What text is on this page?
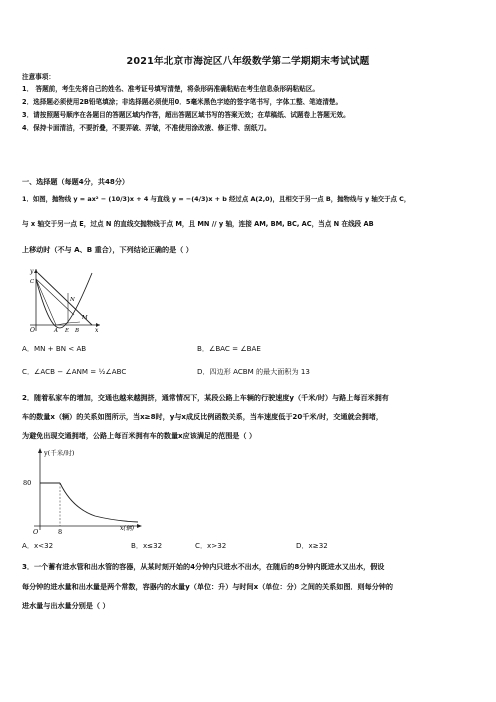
2021年北京市海淀区八年级数学第二学期期末考试试题
注意事项：
1． 答题前，考生先将自己的姓名、准考证号填写清楚，将条形码准确粘贴在考生信息条形码粘贴区。
2．选择题必须使用2B铅笔填涂；非选择题必须使用0．5毫米黑色字迹的签字笔书写，字体工整、笔迹清楚。
3．请按照题号顺序在各题目的答题区域内作答，超出答题区域书写的答案无效；在草稿纸、试题卷上答题无效。
4．保持卡面清洁，不要折叠，不要弄破、弄皱，不准使用涂改液、修正带、刮纸刀。
一、选择题（每题4分，共48分）
1．如图，抛物线 y = ax² − (10/3)x + 4 与直线 y = −(4/3)x + b 经过点 A(2,0)，且相交于另一点 B，抛物线与 y 轴交于点 C，
与 x 轴交于另一点 E，过点 N 的直线交抛物线于点 M，且 MN // y 轴，连接 AM, BM, BC, AC，当点 N 在线段 AB
上移动时（不与 A、B 重合），下列结论正确的是（ ）
y
x
O	A E B
C
M
N
A．MN + BN < AB	B．∠BAC = ∠BAE
C．∠ACB − ∠ANM = ½∠ABC	D．四边形 ACBM 的最大面积为 13
2．随着私家车的增加，交通也越来越拥挤，通常情况下，某段公路上车辆的行驶速度y（千米/时）与路上每百米拥有
车的数量x（辆）的关系如图所示，当x≥8时，y与x成反比例函数关系，当车速度低于20千米/时，交通就会拥堵，
为避免出现交通拥堵，公路上每百米拥有车的数量x应该满足的范围是（ ）
y(千米/时)
x(辆)
80
8
O
A．x<32	B．x≤32	C．x>32	D．x≥32
3．一个蓄有进水管和出水管的容器，从某时刻开始的4分钟内只进水不出水，在随后的8分钟内既进水又出水，假设
每分钟的进水量和出水量是两个常数，容器内的水量y（单位：升）与时间x（单位：分）之间的关系如图．则每分钟的
进水量与出水量分别是（ ）
